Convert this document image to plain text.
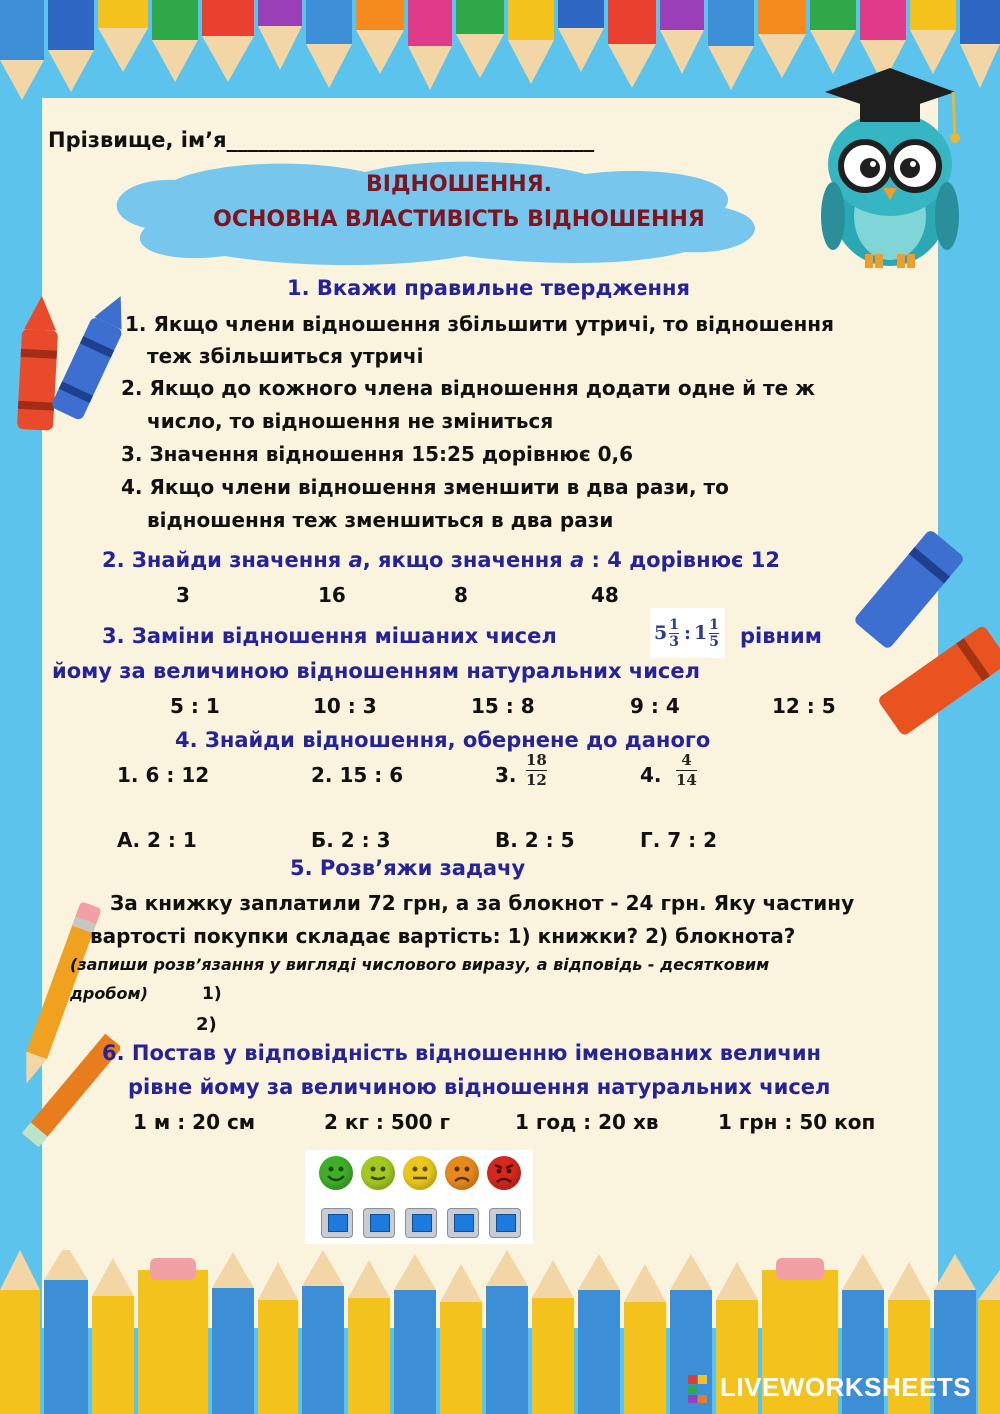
Прізвище, ім’я___________________________________
ВІДНОШЕННЯ.
ОСНОВНА ВЛАСТИВІСТЬ ВІДНОШЕННЯ
1. Вкажи правильне твердження
1. Якщо члени відношення збільшити утричі, то відношення
теж збільшиться утричі
2. Якщо до кожного члена відношення додати одне й те ж
число, то відношення не зміниться
3. Значення відношення 15:25 дорівнює 0,6
4. Якщо члени відношення зменшити в два рази, то
відношення теж зменшиться в два рази
2. Знайди значення a, якщо значення a : 4 дорівнює 12
3	16	8	48
3. Заміни відношення мішаних чисел	$5 \frac{1}{3}$ : $1 \frac{1}{5}$ рівним
йому за величиною відношенням натуральних чисел
5 : 1	10 : 3	15 : 8	9 : 4	12 : 5
4. Знайди відношення, обернене до даного
1. 6 : 12	2. 15 : 6	3. $\frac{18}{12}$	4. $\frac{4}{14}$
А. 2 : 1	Б. 2 : 3	В. 2 : 5	Г. 7 : 2
5. Розв’яжи задачу
За книжку заплатили 72 грн, а за блокнот - 24 грн. Яку частину
вартості покупки складає вартість: 1) книжки? 2) блокнота?
(запиши розв’язання у вигляді числового виразу, а відповідь - десятковим
дробом)	1)
2)
6. Постав у відповідність відношенню іменованих величин
рівне йому за величиною відношення натуральних чисел
1 м : 20 см	2 кг : 500 г	1 год : 20 хв	1 грн : 50 коп
LIVEWORKSHEETS
